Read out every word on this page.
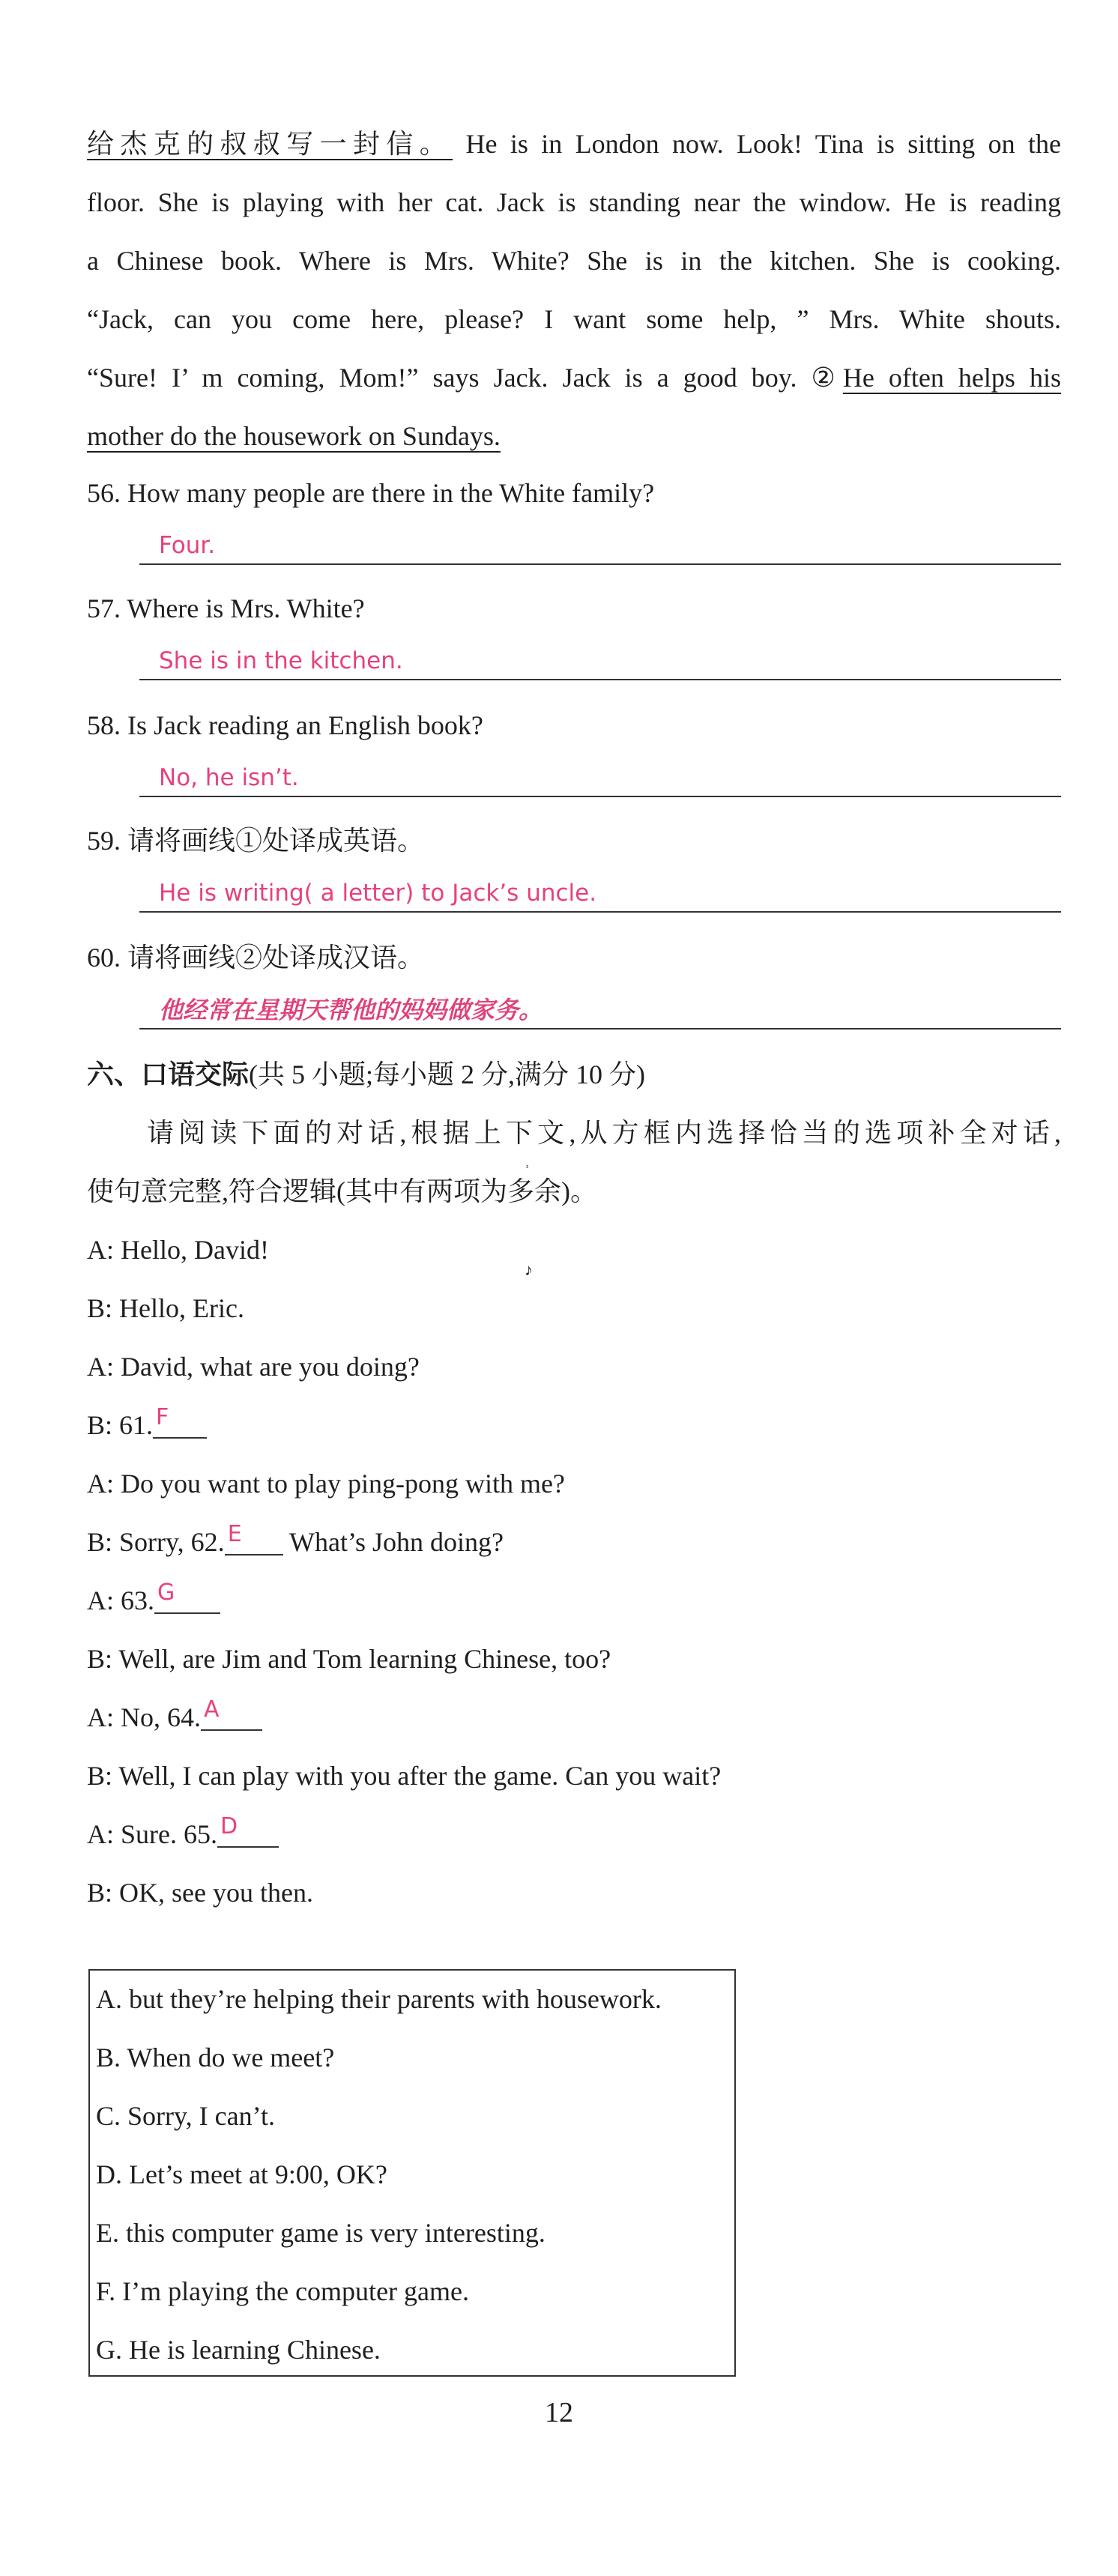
给杰克的叔叔写一封信。 He is in London now. Look! Tina is sitting on the
floor. She is playing with her cat. Jack is standing near the window. He is reading
a Chinese book. Where is Mrs. White? She is in the kitchen. She is cooking.
“Jack, can you come here, please? I want some help, ” Mrs. White shouts.
“Sure! I’ m coming, Mom!” says Jack. Jack is a good boy. ②He often helps his
mother do the housework on Sundays.
56. How many people are there in the White family?
Four.
57. Where is Mrs. White?
She is in the kitchen.
58. Is Jack reading an English book?
No, he isn’t.
59. 请将画线①处译成英语。
He is writing( a letter) to Jack’s uncle.
60. 请将画线②处译成汉语。
他经常在星期天帮他的妈妈做家务。
六、口语交际(共 5 小题;每小题 2 分,满分 10 分)
请阅读下面的对话,根据上下文,从方框内选择恰当的选项补全对话,
使句意完整,符合逻辑(其中有两项为多余)。
˒
♪
A: Hello, David!
B: Hello, Eric.
A: David, what are you doing?
B: 61. F
A: Do you want to play ping-pong with me?
B: Sorry, 62. E What’s John doing?
A: 63. G
B: Well, are Jim and Tom learning Chinese, too?
A: No, 64. A
B: Well, I can play with you after the game. Can you wait?
A: Sure. 65. D
B: OK, see you then.
A. but they’re helping their parents with housework.
B. When do we meet?
C. Sorry, I can’t.
D. Let’s meet at 9:00, OK?
E. this computer game is very interesting.
F. I’m playing the computer game.
G. He is learning Chinese.
12
